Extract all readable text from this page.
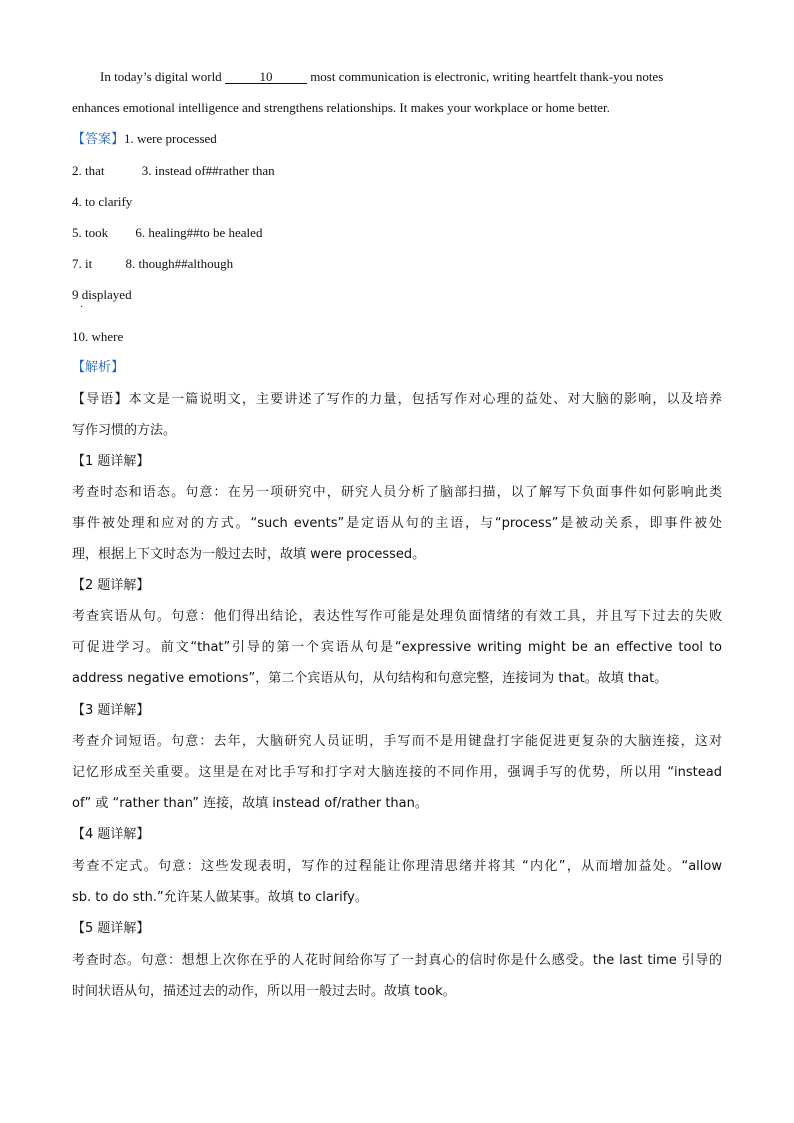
In today’s digital world	10	most communication is electronic, writing heartfelt thank-you notes
enhances emotional intelligence and strengthens relationships. It makes your workplace or home better.
【答案】1. were processed
2. that	3. instead of##rather than
4. to clarify
5. took 6. healing##to be healed
7. it	8. though##although
9 displayed
·
10. where
【解析】
【导语】本文是一篇说明文，主要讲述了写作的力量，包括写作对心理的益处、对大脑的影响，以及培养
写作习惯的方法。
【1 题详解】
考查时态和语态。句意：在另一项研究中，研究人员分析了脑部扫描，以了解写下负面事件如何影响此类
事件被处理和应对的方式。“such events”是定语从句的主语，与“process”是被动关系，即事件被处
理，根据上下文时态为一般过去时，故填 were processed。
【2 题详解】
考查宾语从句。句意：他们得出结论，表达性写作可能是处理负面情绪的有效工具，并且写下过去的失败
可促进学习。前文“that”引导的第一个宾语从句是“expressive writing might be an effective tool to
address negative emotions”，第二个宾语从句，从句结构和句意完整，连接词为 that。故填 that。
【3 题详解】
考查介词短语。句意：去年，大脑研究人员证明，手写而不是用键盘打字能促进更复杂的大脑连接，这对
记忆形成至关重要。这里是在对比手写和打字对大脑连接的不同作用，强调手写的优势，所以用 “instead
of” 或 “rather than” 连接，故填 instead of/rather than。
【4 题详解】
考查不定式。句意：这些发现表明，写作的过程能让你理清思绪并将其 “内化”，从而增加益处。“allow
sb. to do sth.”允许某人做某事。故填 to clarify。
【5 题详解】
考查时态。句意：想想上次你在乎的人花时间给你写了一封真心的信时你是什么感受。the last time 引导的
时间状语从句，描述过去的动作，所以用一般过去时。故填 took。
